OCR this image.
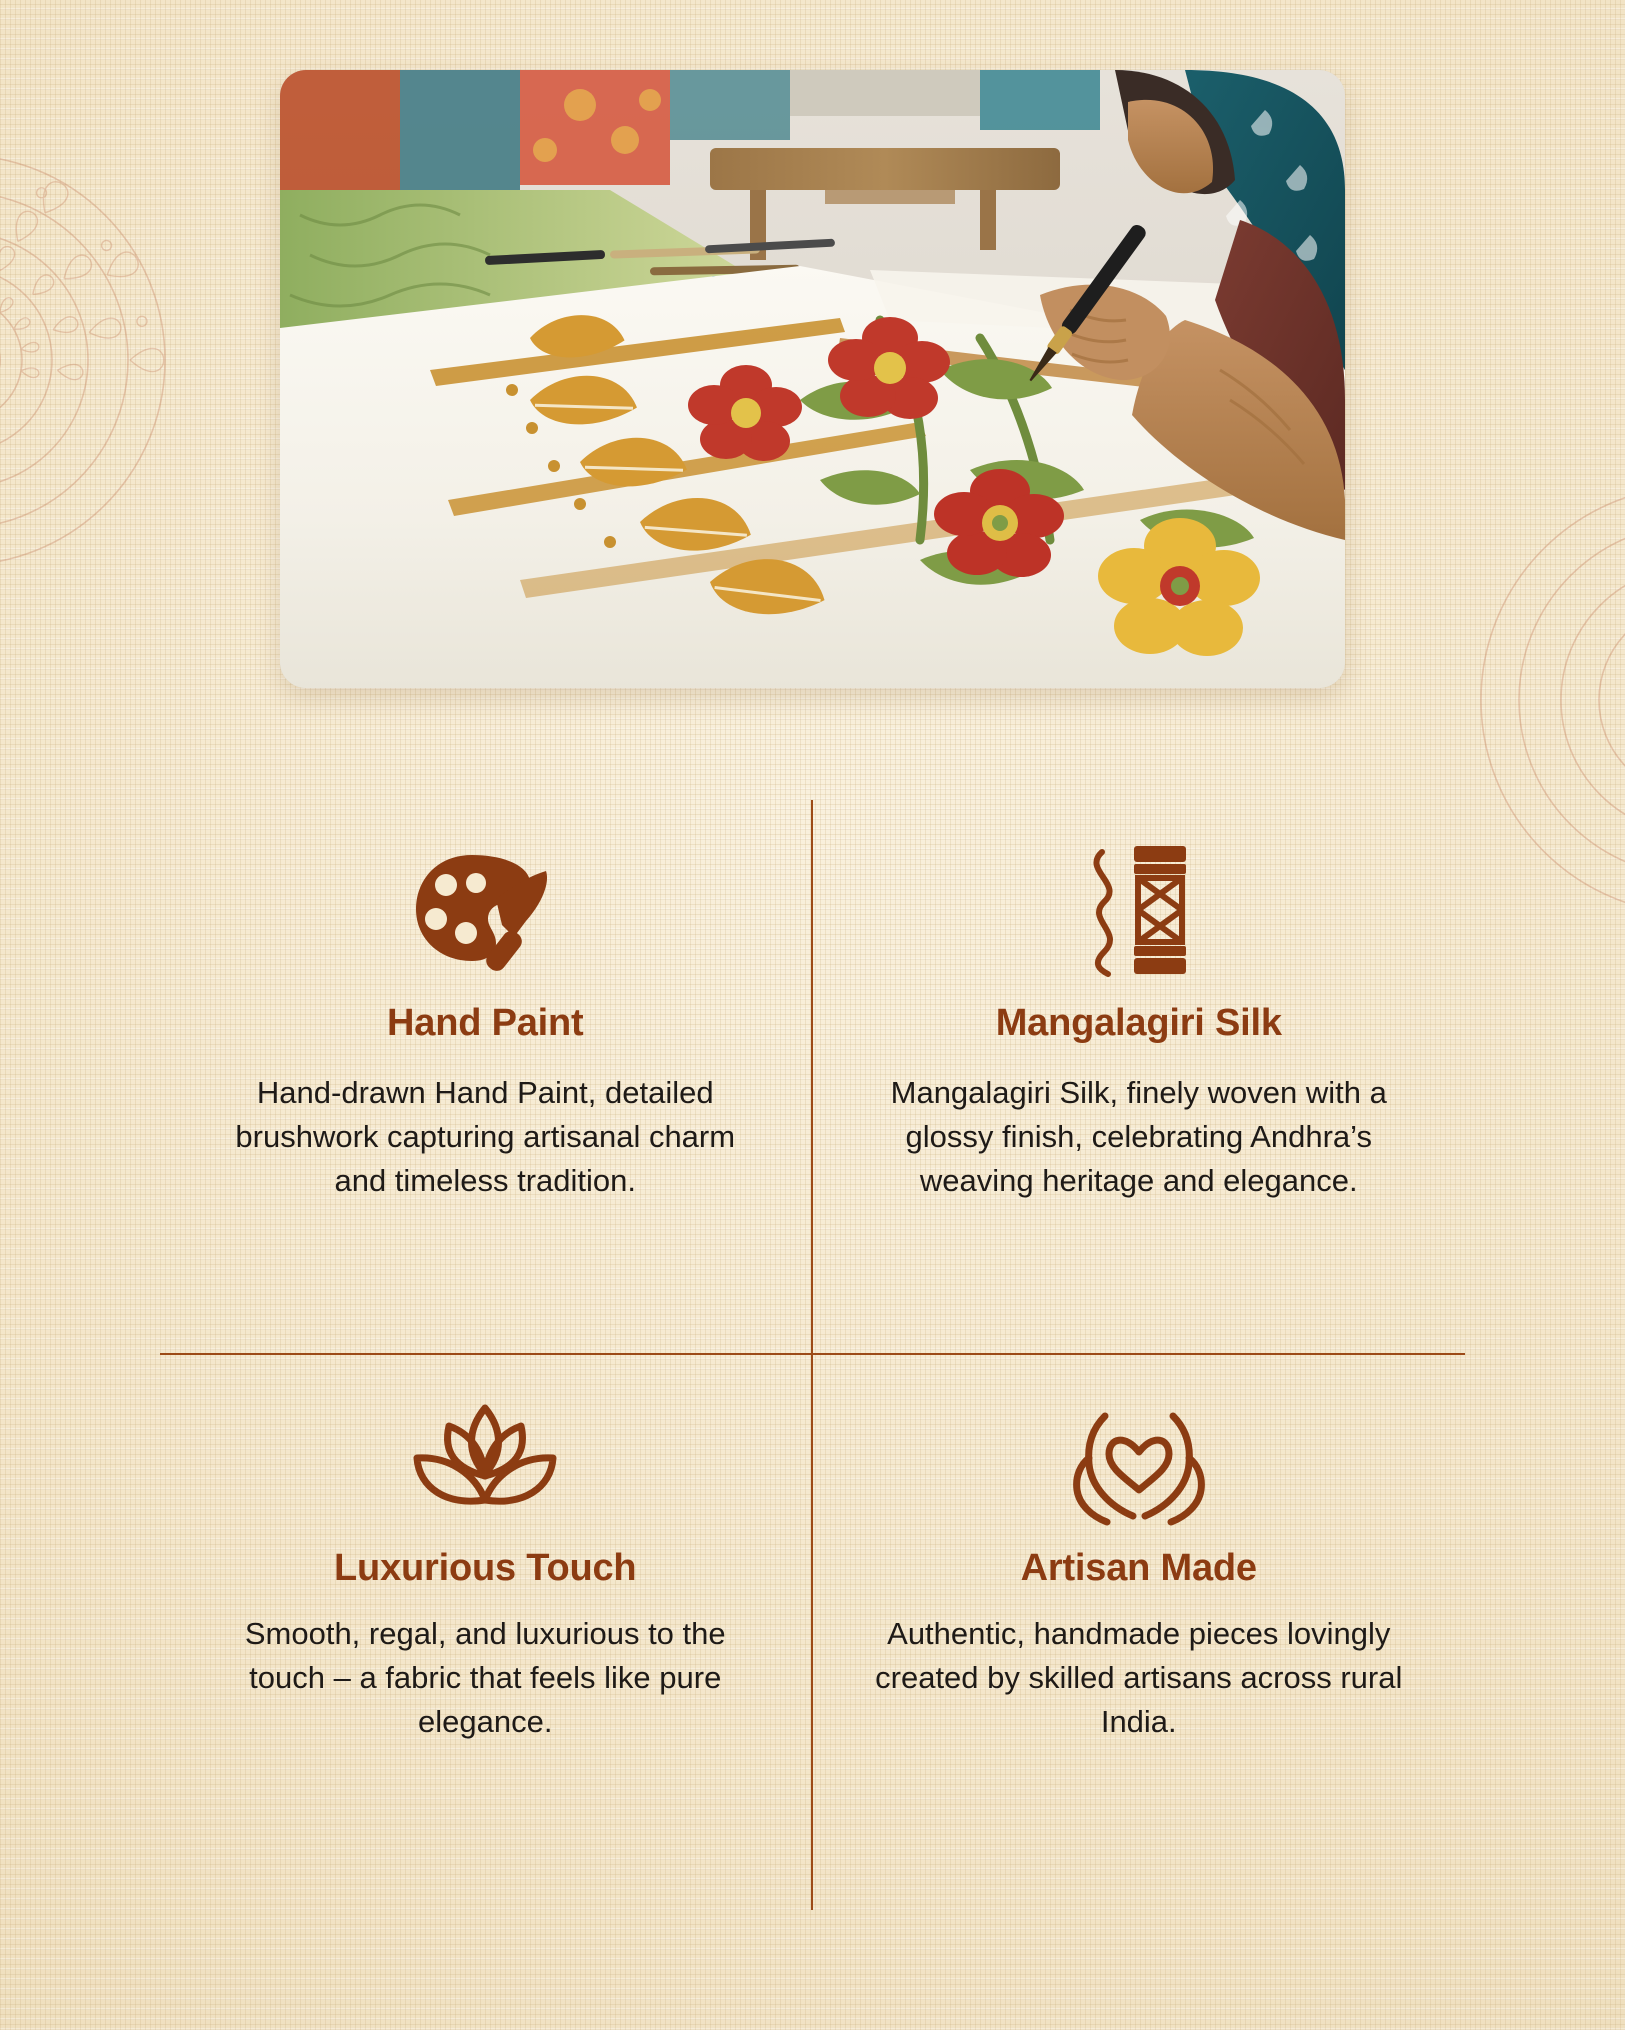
Hand Paint
Hand-drawn Hand Paint, detailed brushwork capturing artisanal charm and timeless tradition.
Mangalagiri Silk
Mangalagiri Silk, finely woven with a glossy finish, celebrating Andhra’s weaving heritage and elegance.
Luxurious Touch
Smooth, regal, and luxurious to the touch – a fabric that feels like pure elegance.
Artisan Made
Authentic, handmade pieces lovingly created by skilled artisans across rural India.
